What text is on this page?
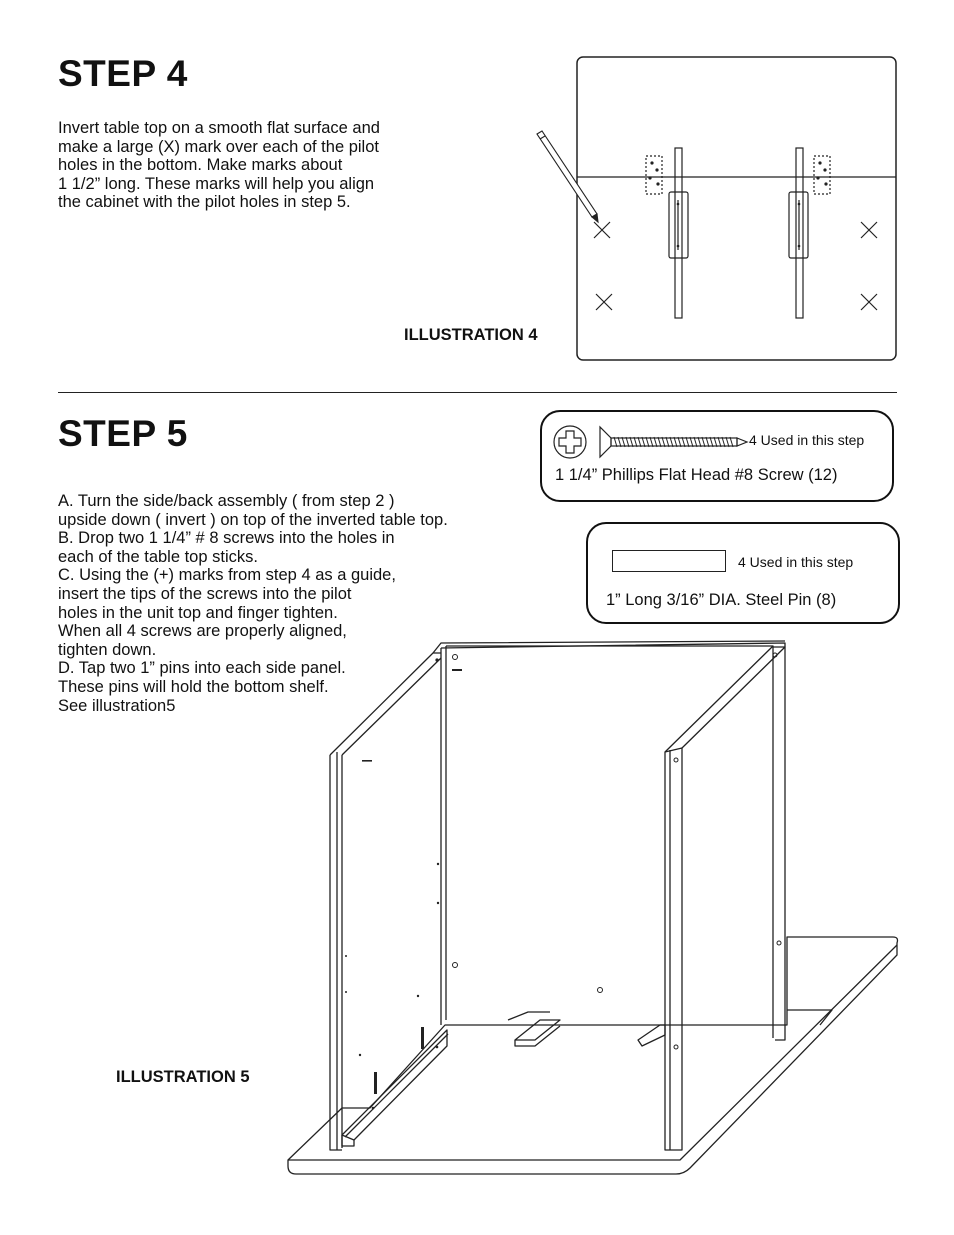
STEP 4
Invert table top on a smooth flat surface and
make a large (X) mark over each of the pilot
holes in the bottom. Make marks about
1 1/2” long. These marks will help you align
the cabinet with the pilot holes in step 5.
ILLUSTRATION 4
STEP 5
A. Turn the side/back assembly ( from step 2 )
upside down ( invert ) on top of the inverted table top.
B. Drop two 1 1/4” # 8 screws into the holes in
each of the table top sticks.
C. Using the (+) marks from step 4 as a guide,
insert the tips of the screws into the pilot
holes in the unit top and finger tighten.
When all 4 screws are properly aligned,
tighten down.
D. Tap two 1” pins into each side panel.
These pins will hold the bottom shelf.
See illustration5
4 Used in this step
1 1/4” Phillips Flat Head #8 Screw (12)
4 Used in this step
1” Long 3/16” DIA. Steel Pin (8)
ILLUSTRATION 5
